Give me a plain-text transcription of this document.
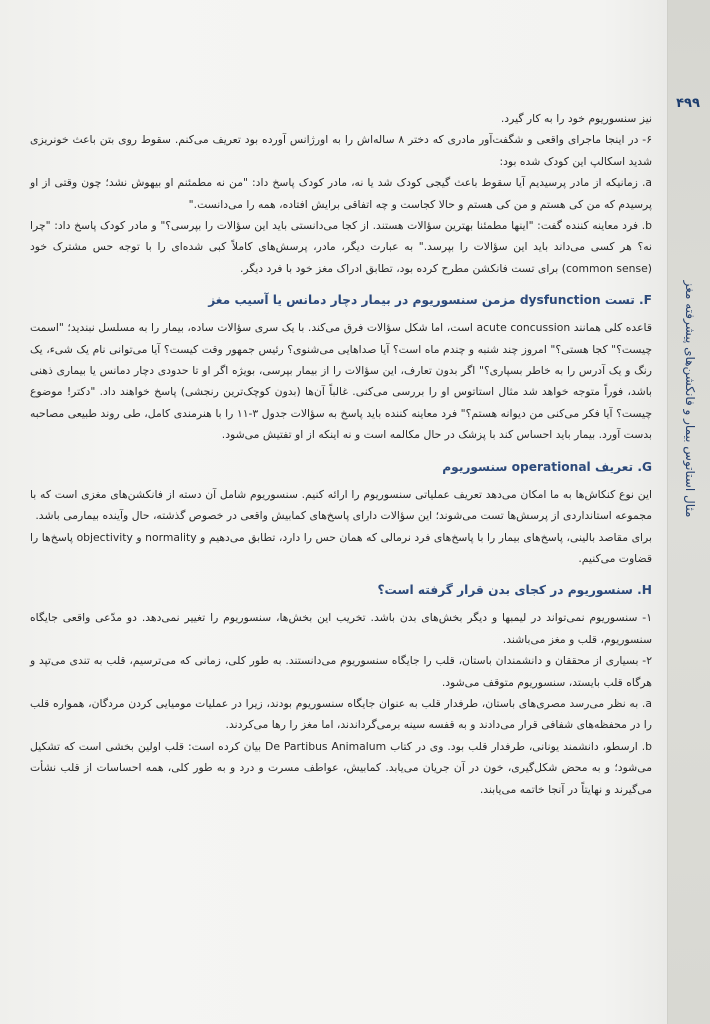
۴۹۹
مثال استاتوس بیمار و فانکشن‌های پیشرفته مغز

نیز سنسوریوم خود را به کار گیرد.

۶- در اینجا ماجرای واقعی و شگفت‌آور مادری که دختر ۸ ساله‌اش را به اورژانس آورده بود تعریف می‌کنم. سقوط روی بتن باعث خونریزی شدید اسکالپ این کودک شده بود:

a. زمانیکه از مادر پرسیدیم آیا سقوط باعث گیجی کودک شد یا نه، مادر کودک پاسخ داد: "من نه مطمئنم او بیهوش نشد؛ چون وقتی از او پرسیدم که من کی هستم و من کی هستم و حالا کجاست و چه اتفاقی برایش افتاده، همه را می‌دانست."

b. فرد معاینه کننده گفت: "اینها مطمئنا بهترین سؤالات هستند. از کجا می‌دانستی باید این سؤالات را بپرسی؟" و مادر کودک پاسخ داد: "چرا نه؟ هر کسی می‌داند باید این سؤالات را بپرسد." به عبارت دیگر، مادر، پرسش‌های کاملاً کبی شده‌ای را با توجه حس مشترک خود (common sense) برای تست فانکشن مطرح کرده بود، تطابق ادراک مغز خود با فرد دیگر.

F. تست dysfunction مزمن سنسوریوم در بیمار دچار دمانس یا آسیب مغز

قاعده کلی همانند acute concussion است، اما شکل سؤالات فرق می‌کند. با یک سری سؤالات ساده، بیمار را به مسلسل نبندید؛ "اسمت چیست؟" کجا هستی؟" امروز چند شنبه و چندم ماه است؟ آیا صداهایی می‌شنوی؟ رئیس جمهور وقت کیست؟ آیا می‌توانی نام یک شیء، یک رنگ و یک آدرس را به خاطر بسپاری؟" اگر بدون تعارف، این سؤالات را از بیمار بپرسی، بویژه اگر او تا حدودی دچار دمانس یا بیماری ذهنی باشد، فوراً متوجه خواهد شد مثال استاتوس او را بررسی می‌کنی. غالباً آن‌ها (بدون کوچک‌ترین رنجشی) پاسخ خواهند داد. "دکتر! موضوع چیست؟ آیا فکر می‌کنی من دیوانه هستم؟" فرد معاینه کننده باید پاسخ به سؤالات جدول ۳-۱۱ را با هنرمندی کامل، طی روند طبیعی مصاحبه بدست آورد. بیمار باید احساس کند با پزشک در حال مکالمه است و نه اینکه از او تفتیش می‌شود.

G. تعریف operational سنسوریوم

این نوع کنکاش‌ها به ما امکان می‌دهد تعریف عملیاتی سنسوریوم را ارائه کنیم. سنسوریوم شامل آن دسته از فانکشن‌های مغزی است که با مجموعه استانداردی از پرسش‌ها تست می‌شوند؛ این سؤالات دارای پاسخ‌های کمابیش واقعی در خصوص گذشته، حال وآینده بیمارمی باشد.

برای مقاصد بالینی، پاسخ‌های بیمار را با پاسخ‌های فرد نرمالی که همان حس را دارد، تطابق می‌دهیم و normality و objectivity پاسخ‌ها را قضاوت می‌کنیم.

H. سنسوریوم در کجای بدن قرار گرفته است؟

۱- سنسوریوم نمی‌تواند در لیمبها و دیگر بخش‌های بدن باشد. تخریب این بخش‌ها، سنسوریوم را تغییر نمی‌دهد. دو مدّعی واقعی جایگاه سنسوریوم، قلب و مغز می‌باشند.

۲- بسیاری از محققان و دانشمندان باستان، قلب را جایگاه سنسوریوم می‌دانستند. به طور کلی، زمانی که می‌ترسیم، قلب به تندی می‌تپد و هرگاه قلب بایستد، سنسوریوم متوقف می‌شود.

a. به نظر می‌رسد مصری‌های باستان، طرفدار قلب به عنوان جایگاه سنسوریوم بودند، زیرا در عملیات مومیایی کردن مردگان، همواره قلب را در محفظه‌های شفافی قرار می‌دادند و به قفسه سینه برمی‌گرداندند، اما مغز را رها می‌کردند.

b. ارسطو، دانشمند یونانی، طرفدار قلب بود. وی در کتاب De Partibus Animalum بیان کرده است: قلب اولین بخشی است که تشکیل می‌شود؛ و به محض شکل‌گیری، خون در آن جریان می‌یابد. کمابیش، عواطف مسرت و درد و به طور کلی، همه احساسات از قلب نشأت می‌گیرند و نهایتاً در آنجا خاتمه می‌یابند.
